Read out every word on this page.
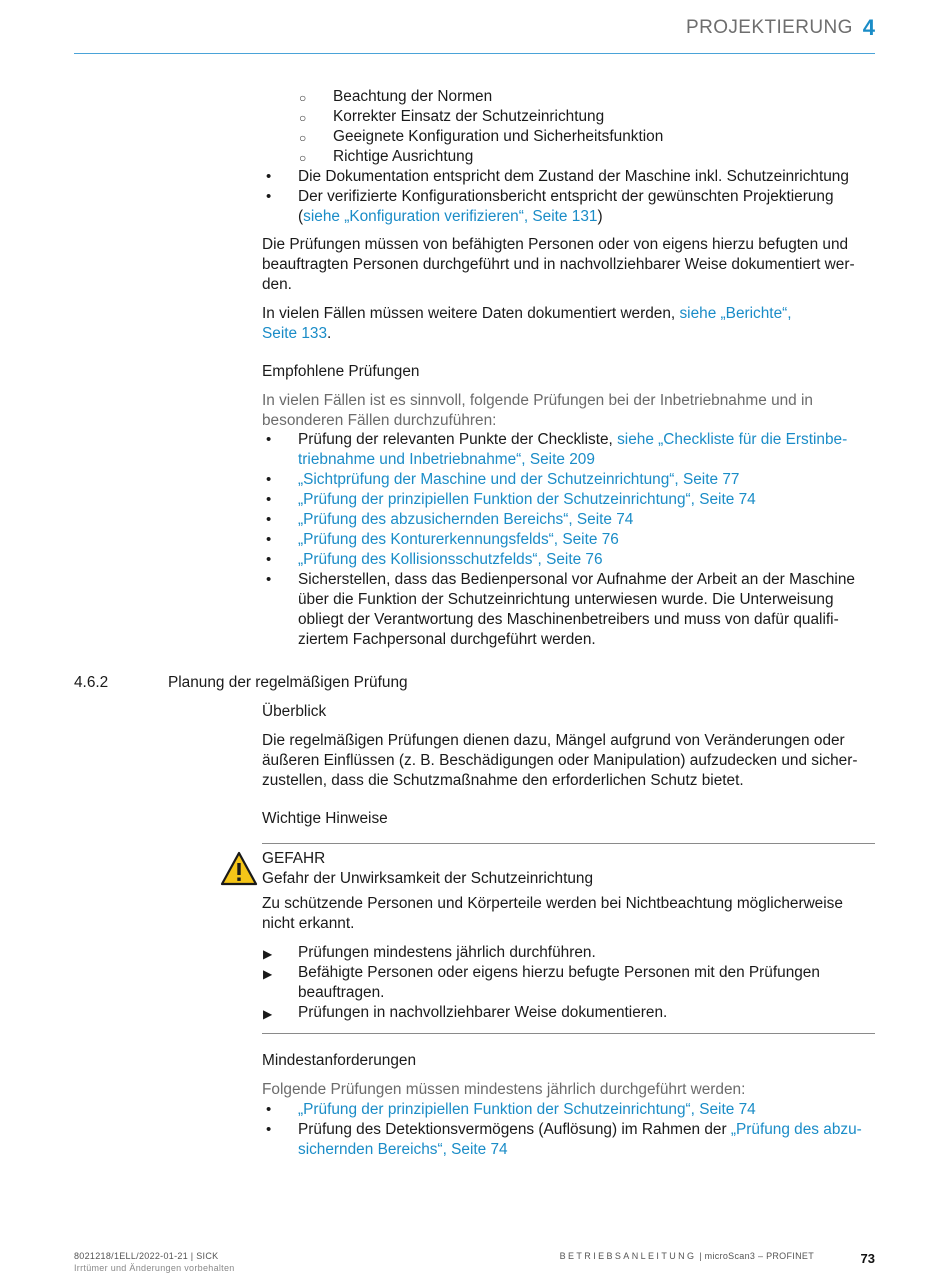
PROJEKTIERUNG 4
○ Beachtung der Normen
○ Korrekter Einsatz der Schutzeinrichtung
○ Geeignete Konfiguration und Sicherheitsfunktion
○ Richtige Ausrichtung
• Die Dokumentation entspricht dem Zustand der Maschine inkl. Schutzeinrichtung
• Der verifizierte Konfigurationsbericht entspricht der gewünschten Projektierung
(siehe „Konfiguration verifizieren“, Seite 131)
Die Prüfungen müssen von befähigten Personen oder von eigens hierzu befugten und
beauftragten Personen durchgeführt und in nachvollziehbarer Weise dokumentiert wer-
den.
In vielen Fällen müssen weitere Daten dokumentiert werden, siehe „Berichte“,
Seite 133.
Empfohlene Prüfungen
In vielen Fällen ist es sinnvoll, folgende Prüfungen bei der Inbetriebnahme und in
besonderen Fällen durchzuführen:
• Prüfung der relevanten Punkte der Checkliste, siehe „Checkliste für die Erstinbe-
triebnahme und Inbetriebnahme“, Seite 209
• „Sichtprüfung der Maschine und der Schutzeinrichtung“, Seite 77
• „Prüfung der prinzipiellen Funktion der Schutzeinrichtung“, Seite 74
• „Prüfung des abzusichernden Bereichs“, Seite 74
• „Prüfung des Konturerkennungsfelds“, Seite 76
• „Prüfung des Kollisionsschutzfelds“, Seite 76
• Sicherstellen, dass das Bedienpersonal vor Aufnahme der Arbeit an der Maschine
über die Funktion der Schutzeinrichtung unterwiesen wurde. Die Unterweisung
obliegt der Verantwortung des Maschinenbetreibers und muss von dafür qualifi-
ziertem Fachpersonal durchgeführt werden.
4.6.2	Planung der regelmäßigen Prüfung
Überblick
Die regelmäßigen Prüfungen dienen dazu, Mängel aufgrund von Veränderungen oder
äußeren Einflüssen (z. B. Beschädigungen oder Manipulation) aufzudecken und sicher-
zustellen, dass die Schutzmaßnahme den erforderlichen Schutz bietet.
Wichtige Hinweise
GEFAHR
Gefahr der Unwirksamkeit der Schutzeinrichtung
Zu schützende Personen und Körperteile werden bei Nichtbeachtung möglicherweise
nicht erkannt.
▶ Prüfungen mindestens jährlich durchführen.
▶ Befähigte Personen oder eigens hierzu befugte Personen mit den Prüfungen
beauftragen.
▶ Prüfungen in nachvollziehbarer Weise dokumentieren.
Mindestanforderungen
Folgende Prüfungen müssen mindestens jährlich durchgeführt werden:
• „Prüfung der prinzipiellen Funktion der Schutzeinrichtung“, Seite 74
• Prüfung des Detektionsvermögens (Auflösung) im Rahmen der „Prüfung des abzu-
sichernden Bereichs“, Seite 74
8021218/1ELL/2022-01-21 | SICK
Irrtümer und Änderungen vorbehalten
BETRIEBSANLEITUNG | microScan3 – PROFINET	73
